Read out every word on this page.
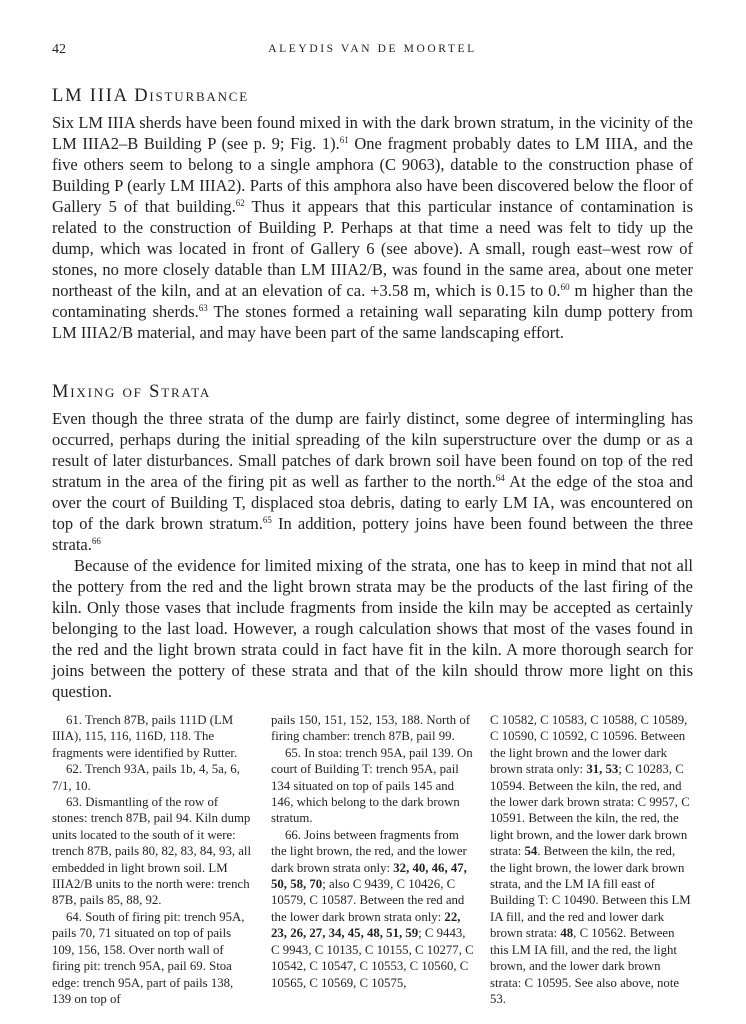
42	ALEYDIS VAN DE MOORTEL
LM IIIA Disturbance

Six LM IIIA sherds have been found mixed in with the dark brown stratum, in the vicinity of the LM IIIA2–B Building P (see p. 9; Fig. 1).$^{61}$ One fragment probably dates to LM IIIA, and the five others seem to belong to a single amphora (C 9063), datable to the construction phase of Building P (early LM IIIA2). Parts of this amphora also have been discovered below the floor of Gallery 5 of that building.$^{62}$ Thus it appears that this particular instance of contamination is related to the construction of Building P. Perhaps at that time a need was felt to tidy up the dump, which was located in front of Gallery 6 (see above). A small, rough east–west row of stones, no more closely datable than LM IIIA2/B, was found in the same area, about one meter northeast of the kiln, and at an elevation of ca. +3.58 m, which is 0.15 to 0.60 m higher than the contaminating sherds.$^{63}$ The stones formed a retaining wall separating kiln dump pottery from LM IIIA2/B material, and may have been part of the same landscaping effort.

Mixing of Strata

Even though the three strata of the dump are fairly distinct, some degree of intermingling has occurred, perhaps during the initial spreading of the kiln superstructure over the dump or as a result of later disturbances. Small patches of dark brown soil have been found on top of the red stratum in the area of the firing pit as well as farther to the north.$^{64}$ At the edge of the stoa and over the court of Building T, displaced stoa debris, dating to early LM IA, was encountered on top of the dark brown stratum.$^{65}$ In addition, pottery joins have been found between the three strata.$^{66}$

Because of the evidence for limited mixing of the strata, one has to keep in mind that not all the pottery from the red and the light brown strata may be the products of the last firing of the kiln. Only those vases that include fragments from inside the kiln may be accepted as certainly belonging to the last load. However, a rough calculation shows that most of the vases found in the red and the light brown strata could in fact have fit in the kiln. A more thorough search for joins between the pottery of these strata and that of the kiln should throw more light on this question.

61. Trench 87B, pails 111D (LM IIIA), 115, 116, 116D, 118. The fragments were identified by Rutter.

62. Trench 93A, pails 1b, 4, 5a, 6, 7/1, 10.

63. Dismantling of the row of stones: trench 87B, pail 94. Kiln dump units located to the south of it were: trench 87B, pails 80, 82, 83, 84, 93, all embedded in light brown soil. LM IIIA2/B units to the north were: trench 87B, pails 85, 88, 92.

64. South of firing pit: trench 95A, pails 70, 71 situated on top of pails 109, 156, 158. Over north wall of firing pit: trench 95A, pail 69. Stoa edge: trench 95A, part of pails 138, 139 on top of

pails 150, 151, 152, 153, 188. North of firing chamber: trench 87B, pail 99.

65. In stoa: trench 95A, pail 139. On court of Building T: trench 95A, pail 134 situated on top of pails 145 and 146, which belong to the dark brown stratum.

66. Joins between fragments from the light brown, the red, and the lower dark brown strata only: 32, 40, 46, 47, 50, 58, 70; also C 9439, C 10426, C 10579, C 10587. Between the red and the lower dark brown strata only: 22, 23, 26, 27, 34, 45, 48, 51, 59; C 9443, C 9943, C 10135, C 10155, C 10277, C 10542, C 10547, C 10553, C 10560, C 10565, C 10569, C 10575,

C 10582, C 10583, C 10588, C 10589, C 10590, C 10592, C 10596. Between the light brown and the lower dark brown strata only: 31, 53; C 10283, C 10594. Between the kiln, the red, and the lower dark brown strata: C 9957, C 10591. Between the kiln, the red, the light brown, and the lower dark brown strata: 54. Between the kiln, the red, the light brown, the lower dark brown strata, and the LM IA fill east of Building T: C 10490. Between this LM IA fill, and the red and lower dark brown strata: 48, C 10562. Between this LM IA fill, and the red, the light brown, and the lower dark brown strata: C 10595. See also above, note 53.
